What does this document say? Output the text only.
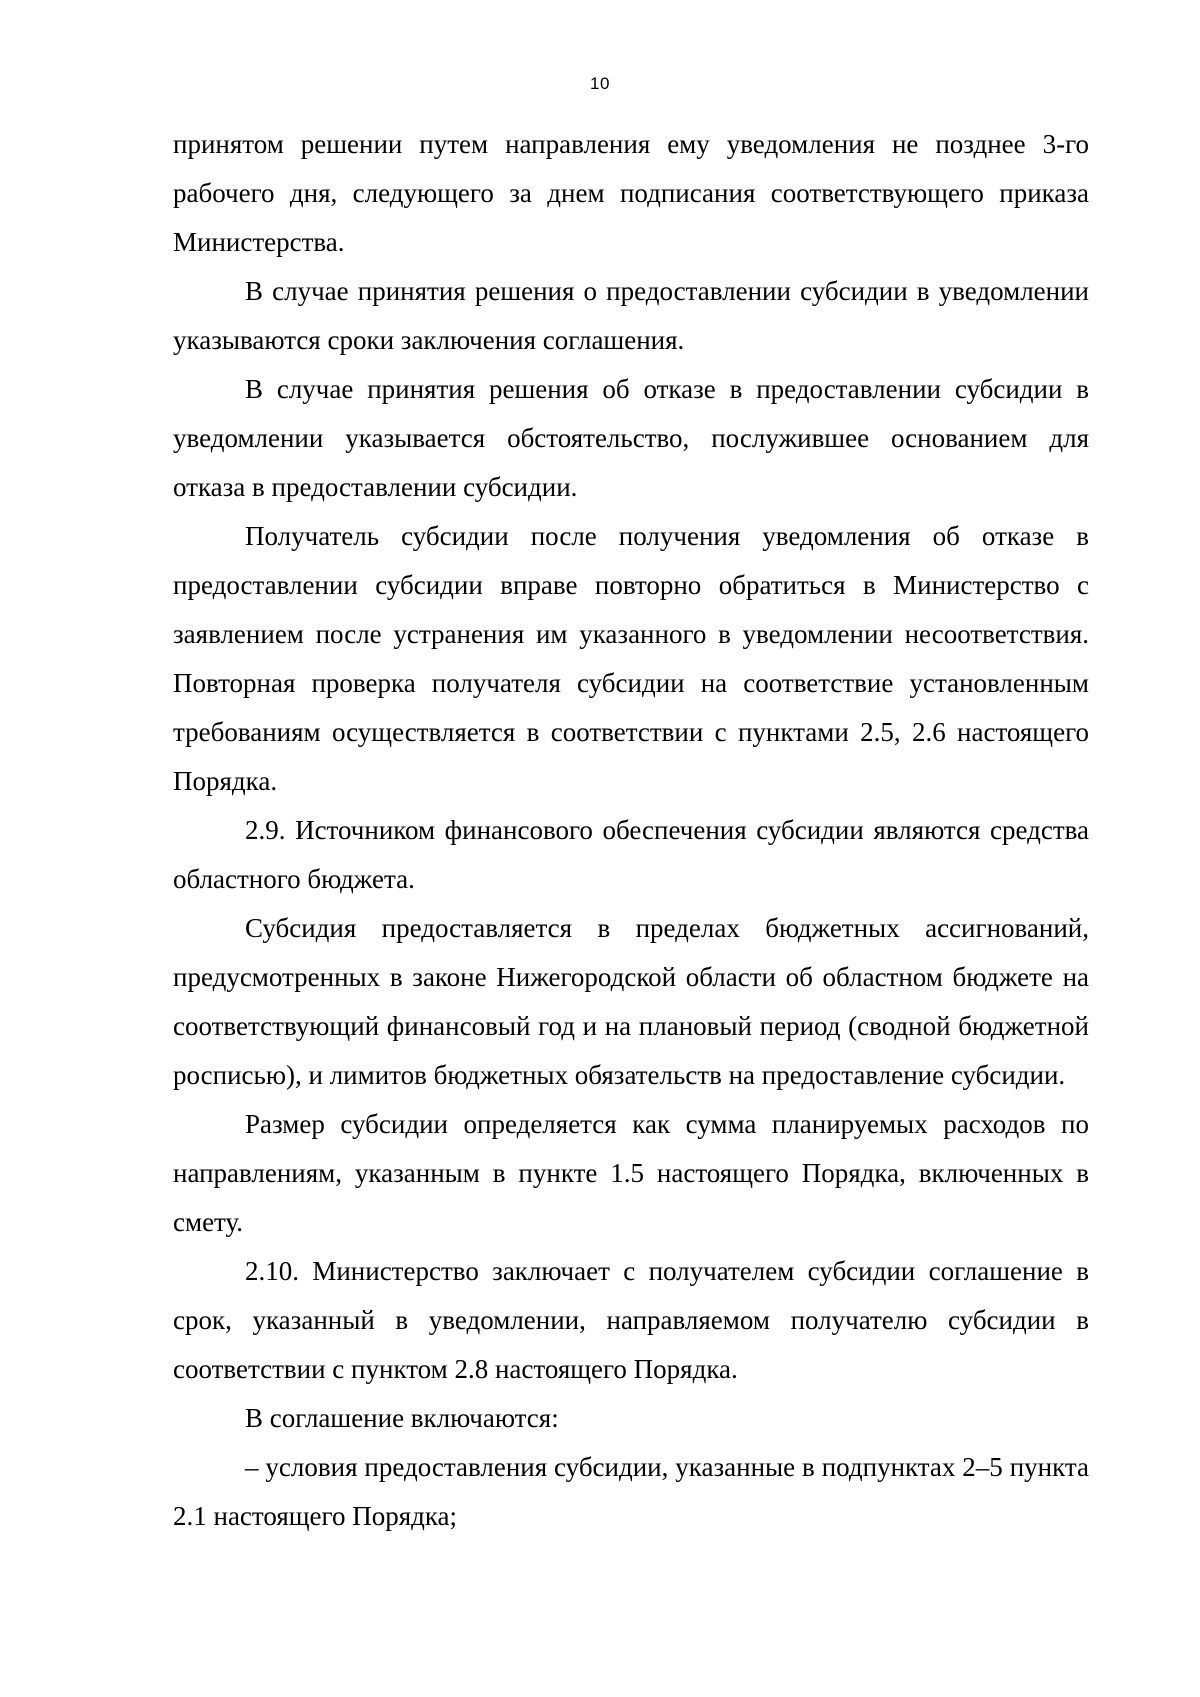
10

принятом решении путем направления ему уведомления не позднее 3-го рабочего дня, следующего за днем подписания соответствующего приказа Министерства.

В случае принятия решения о предоставлении субсидии в уведомлении указываются сроки заключения соглашения.

В случае принятия решения об отказе в предоставлении субсидии в уведомлении указывается обстоятельство, послужившее основанием для отказа в предоставлении субсидии.

Получатель субсидии после получения уведомления об отказе в предоставлении субсидии вправе повторно обратиться в Министерство с заявлением после устранения им указанного в уведомлении несоответствия. Повторная проверка получателя субсидии на соответствие установленным требованиям осуществляется в соответствии с пунктами 2.5, 2.6 настоящего Порядка.

2.9. Источником финансового обеспечения субсидии являются средства областного бюджета.

Субсидия предоставляется в пределах бюджетных ассигнований, предусмотренных в законе Нижегородской области об областном бюджете на соответствующий финансовый год и на плановый период (сводной бюджетной росписью), и лимитов бюджетных обязательств на предоставление субсидии.

Размер субсидии определяется как сумма планируемых расходов по направлениям, указанным в пункте 1.5 настоящего Порядка, включенных в смету.

2.10. Министерство заключает с получателем субсидии соглашение в срок, указанный в уведомлении, направляемом получателю субсидии в соответствии с пунктом 2.8 настоящего Порядка.

В соглашение включаются:

– условия предоставления субсидии, указанные в подпунктах 2–5 пункта 2.1 настоящего Порядка;
